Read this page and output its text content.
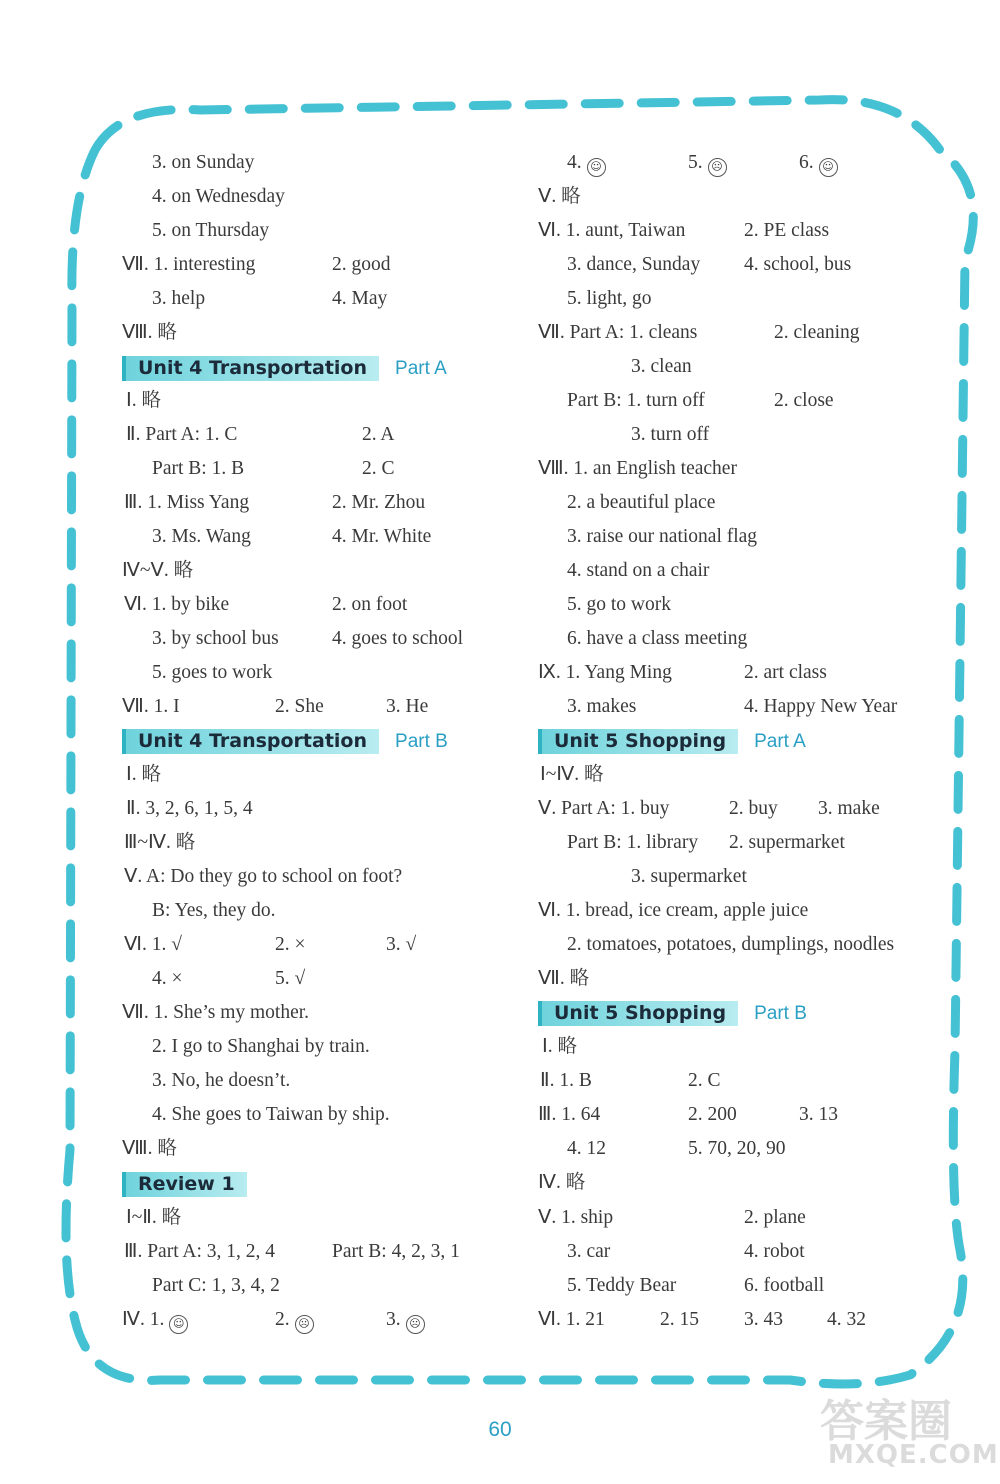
3. on Sunday
4. on Wednesday
5. on Thursday
Ⅶ. 1. interesting	2. good
3. help	4. May
Ⅷ. 略
Unit 4 Transportation Part A
Ⅰ. 略
Ⅱ. Part A: 1. C	2. A
Part B: 1. B	2. C
Ⅲ. 1. Miss Yang	2. Mr. Zhou
3. Ms. Wang	4. Mr. White
Ⅳ~Ⅴ. 略
Ⅵ. 1. by bike	2. on foot
3. by school bus	4. goes to school
5. goes to work
Ⅶ. 1. I	2. She	3. He
Unit 4 Transportation Part B
Ⅰ. 略
Ⅱ. 3, 2, 6, 1, 5, 4
Ⅲ~Ⅳ. 略
Ⅴ. A: Do they go to school on foot?
B: Yes, they do.
Ⅵ. 1. √	2. ×	3. √
4. ×	5. √
Ⅶ. 1. She’s my mother.
2. I go to Shanghai by train.
3. No, he doesn’t.
4. She goes to Taiwan by ship.
Ⅷ. 略
Review 1
Ⅰ~Ⅱ. 略
Ⅲ. Part A: 3, 1, 2, 4	Part B: 4, 2, 3, 1
Part C: 1, 3, 4, 2
Ⅳ. 1. ☺	2. ☹	3. ☹
4. ☺	5. ☹	6. ☺
Ⅴ. 略
Ⅵ. 1. aunt, Taiwan	2. PE class
3. dance, Sunday 4. school, bus
5. light, go
Ⅶ. Part A: 1. cleans	2. cleaning
3. clean
Part B: 1. turn off	2. close
3. turn off
Ⅷ. 1. an English teacher
2. a beautiful place
3. raise our national flag
4. stand on a chair
5. go to work
6. have a class meeting
Ⅸ. 1. Yang Ming	2. art class
3. makes	4. Happy New Year
Unit 5 Shopping Part A
Ⅰ~Ⅳ. 略
Ⅴ. Part A: 1. buy	2. buy 3. make
Part B: 1. library 2. supermarket
3. supermarket
Ⅵ. 1. bread, ice cream, apple juice
2. tomatoes, potatoes, dumplings, noodles
Ⅶ. 略
Unit 5 Shopping Part B
Ⅰ. 略
Ⅱ. 1. B	2. C
Ⅲ. 1. 64	2. 200	3. 13
4. 12	5. 70, 20, 90
Ⅳ. 略
Ⅴ. 1. ship	2. plane
3. car	4. robot
5. Teddy Bear	6. football
Ⅵ. 1. 21	2. 15 3. 43 4. 32
60	答案圈
MXQE.COM
